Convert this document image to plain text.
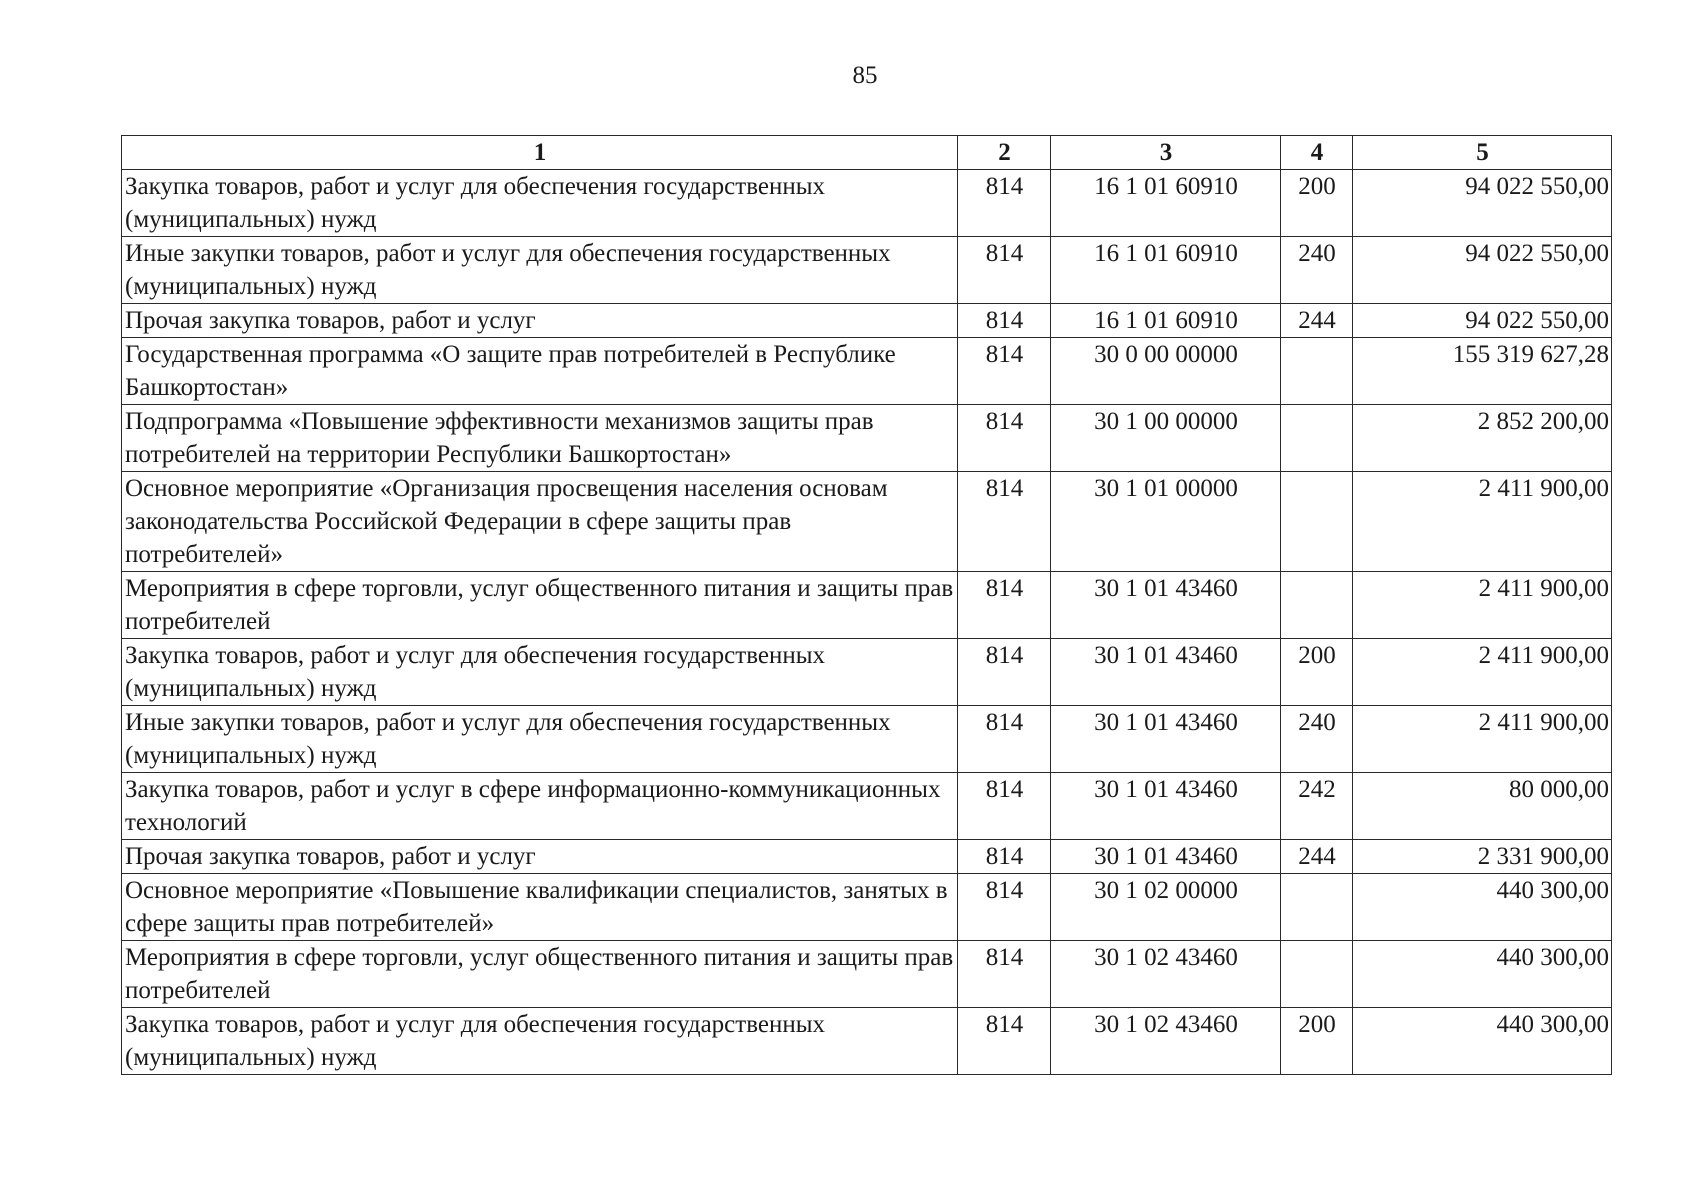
85
1	2	3	4	5
Закупка товаров, работ и услуг для обеспечения государственных (муниципальных) нужд	814	16 1 01 60910	200	94 022 550,00
Иные закупки товаров, работ и услуг для обеспечения государственных (муниципальных) нужд	814	16 1 01 60910	240	94 022 550,00
Прочая закупка товаров, работ и услуг	814	16 1 01 60910	244	94 022 550,00
Государственная программа «О защите прав потребителей в Республике Башкортостан»	814	30 0 00 00000		155 319 627,28
Подпрограмма «Повышение эффективности механизмов защиты прав потребителей на территории Республики Башкортостан»	814	30 1 00 00000		2 852 200,00
Основное мероприятие «Организация просвещения населения основам законодательства Российской Федерации в сфере защиты прав потребителей»	814	30 1 01 00000		2 411 900,00
Мероприятия в сфере торговли, услуг общественного питания и защиты прав потребителей	814	30 1 01 43460		2 411 900,00
Закупка товаров, работ и услуг для обеспечения государственных (муниципальных) нужд	814	30 1 01 43460	200	2 411 900,00
Иные закупки товаров, работ и услуг для обеспечения государственных (муниципальных) нужд	814	30 1 01 43460	240	2 411 900,00
Закупка товаров, работ и услуг в сфере информационно-коммуникационных технологий	814	30 1 01 43460	242	80 000,00
Прочая закупка товаров, работ и услуг	814	30 1 01 43460	244	2 331 900,00
Основное мероприятие «Повышение квалификации специалистов, занятых в сфере защиты прав потребителей»	814	30 1 02 00000		440 300,00
Мероприятия в сфере торговли, услуг общественного питания и защиты прав потребителей	814	30 1 02 43460		440 300,00
Закупка товаров, работ и услуг для обеспечения государственных (муниципальных) нужд	814	30 1 02 43460	200	440 300,00
